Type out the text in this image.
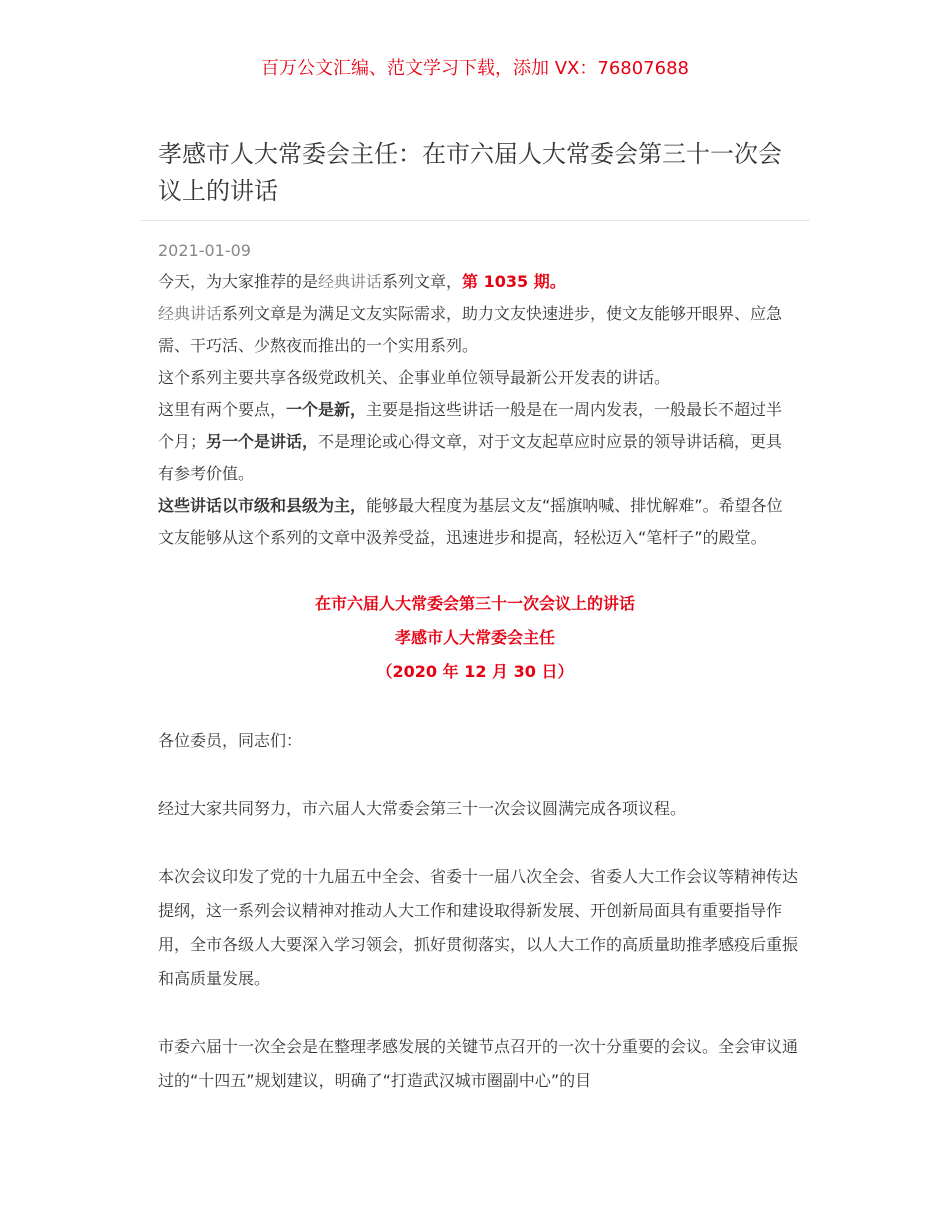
百万公文汇编、范文学习下载，添加 VX：76807688
孝感市人大常委会主任：在市六届人大常委会第三十一次会议上的讲话
2021-01-09

今天，为大家推荐的是经典讲话系列文章，第 1035 期。

经典讲话系列文章是为满足文友实际需求，助力文友快速进步，使文友能够开眼界、应急需、干巧活、少熬夜而推出的一个实用系列。

这个系列主要共享各级党政机关、企事业单位领导最新公开发表的讲话。

这里有两个要点，一个是新，主要是指这些讲话一般是在一周内发表，一般最长不超过半个月；另一个是讲话，不是理论或心得文章，对于文友起草应时应景的领导讲话稿，更具有参考价值。

这些讲话以市级和县级为主，能够最大程度为基层文友“摇旗呐喊、排忧解难”。希望各位文友能够从这个系列的文章中汲养受益，迅速进步和提高，轻松迈入“笔杆子”的殿堂。

在市六届人大常委会第三十一次会议上的讲话
孝感市人大常委会主任
（2020 年 12 月 30 日）

各位委员，同志们：

经过大家共同努力，市六届人大常委会第三十一次会议圆满完成各项议程。

本次会议印发了党的十九届五中全会、省委十一届八次全会、省委人大工作会议等精神传达提纲，这一系列会议精神对推动人大工作和建设取得新发展、开创新局面具有重要指导作用，全市各级人大要深入学习领会，抓好贯彻落实，以人大工作的高质量助推孝感疫后重振和高质量发展。

市委六届十一次全会是在整理孝感发展的关键节点召开的一次十分重要的会议。全会审议通过的“十四五”规划建议，明确了“打造武汉城市圈副中心”的目
